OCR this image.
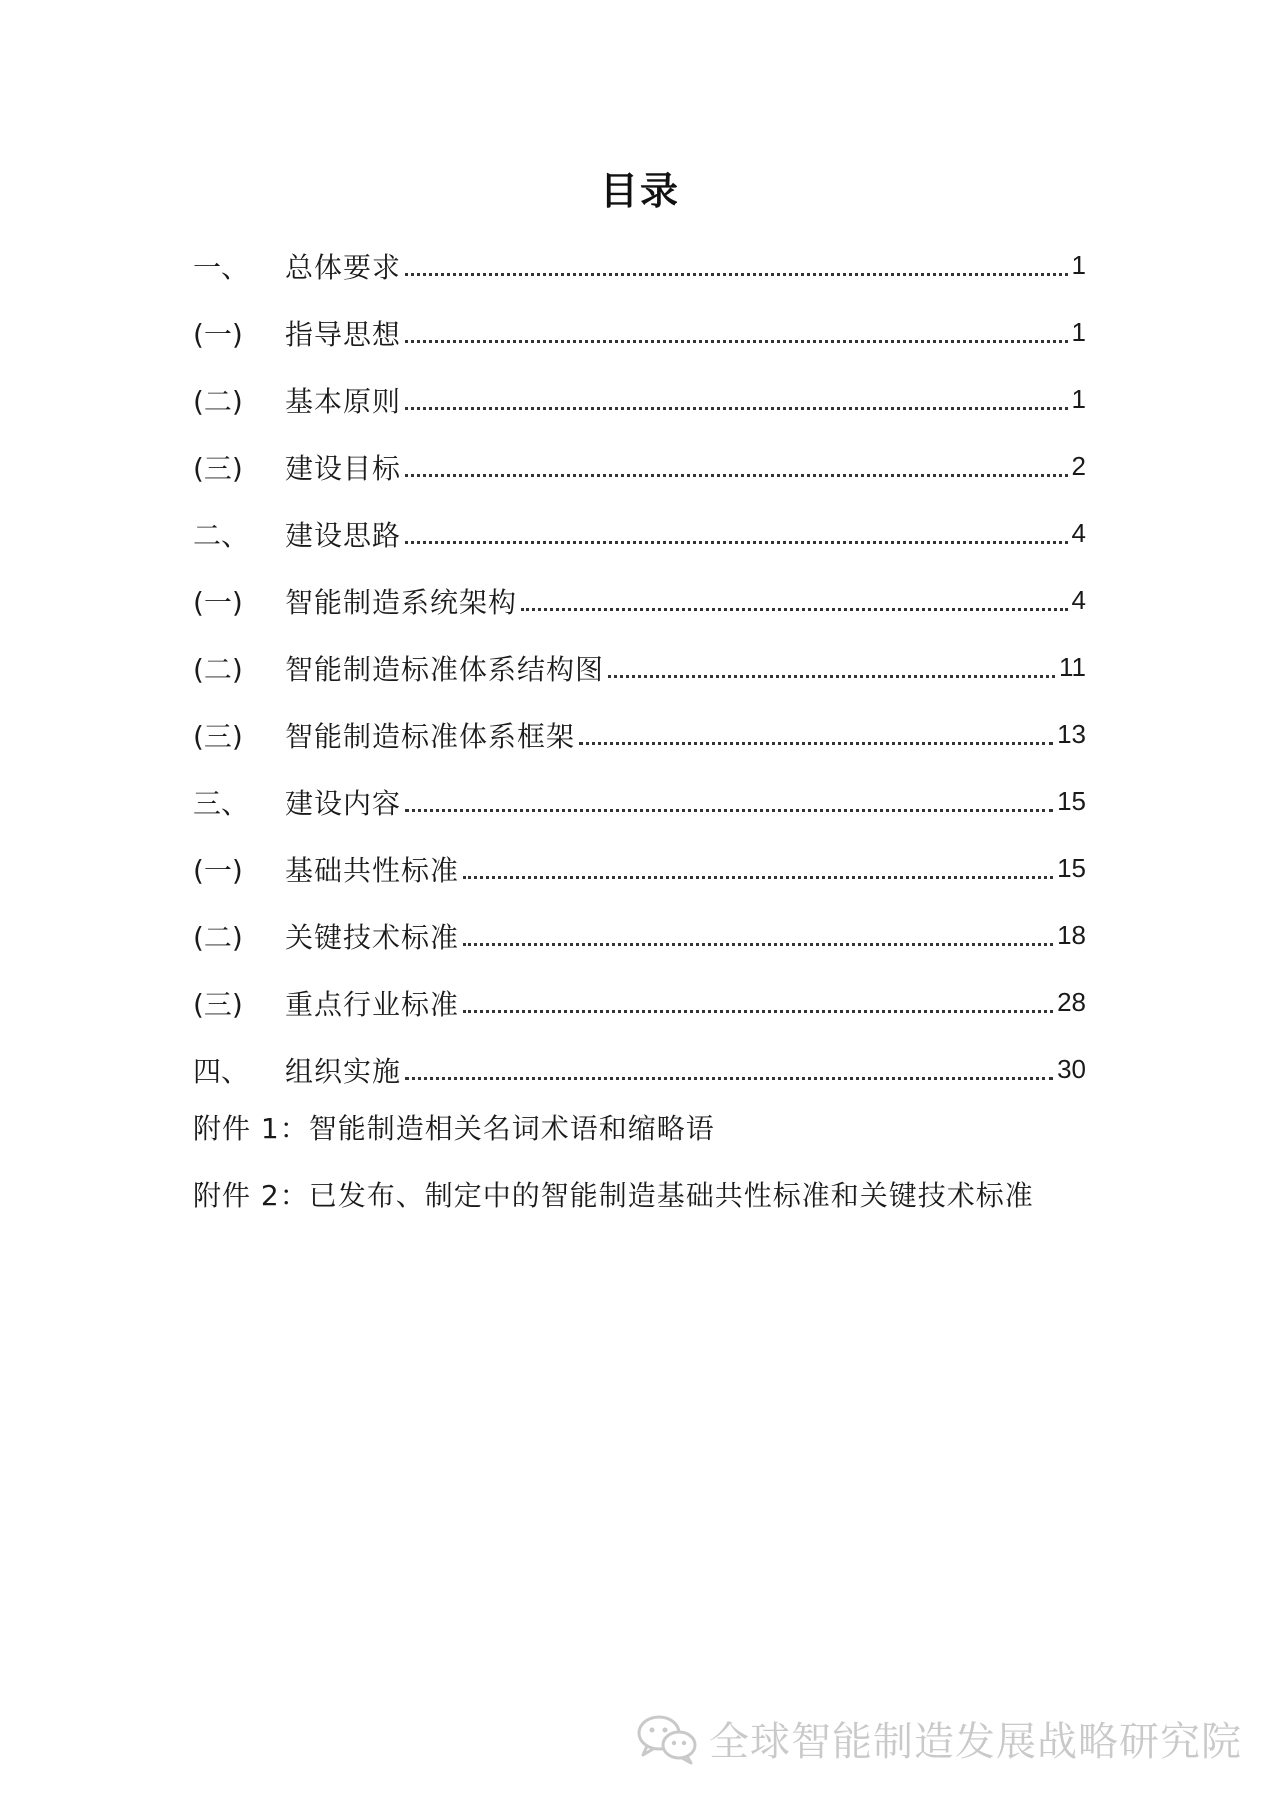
目录
一、	总体要求	1
(一)	指导思想	1
(二)	基本原则	1
(三)	建设目标	2
二、	建设思路	4
(一)	智能制造系统架构	4
(二)	智能制造标准体系结构图	11
(三)	智能制造标准体系框架	13
三、	建设内容	15
(一)	基础共性标准	15
(二)	关键技术标准	18
(三)	重点行业标准	28
四、	组织实施	30
附件 1：智能制造相关名词术语和缩略语
附件 2：已发布、制定中的智能制造基础共性标准和关键技术标准
全球智能制造发展战略研究院
